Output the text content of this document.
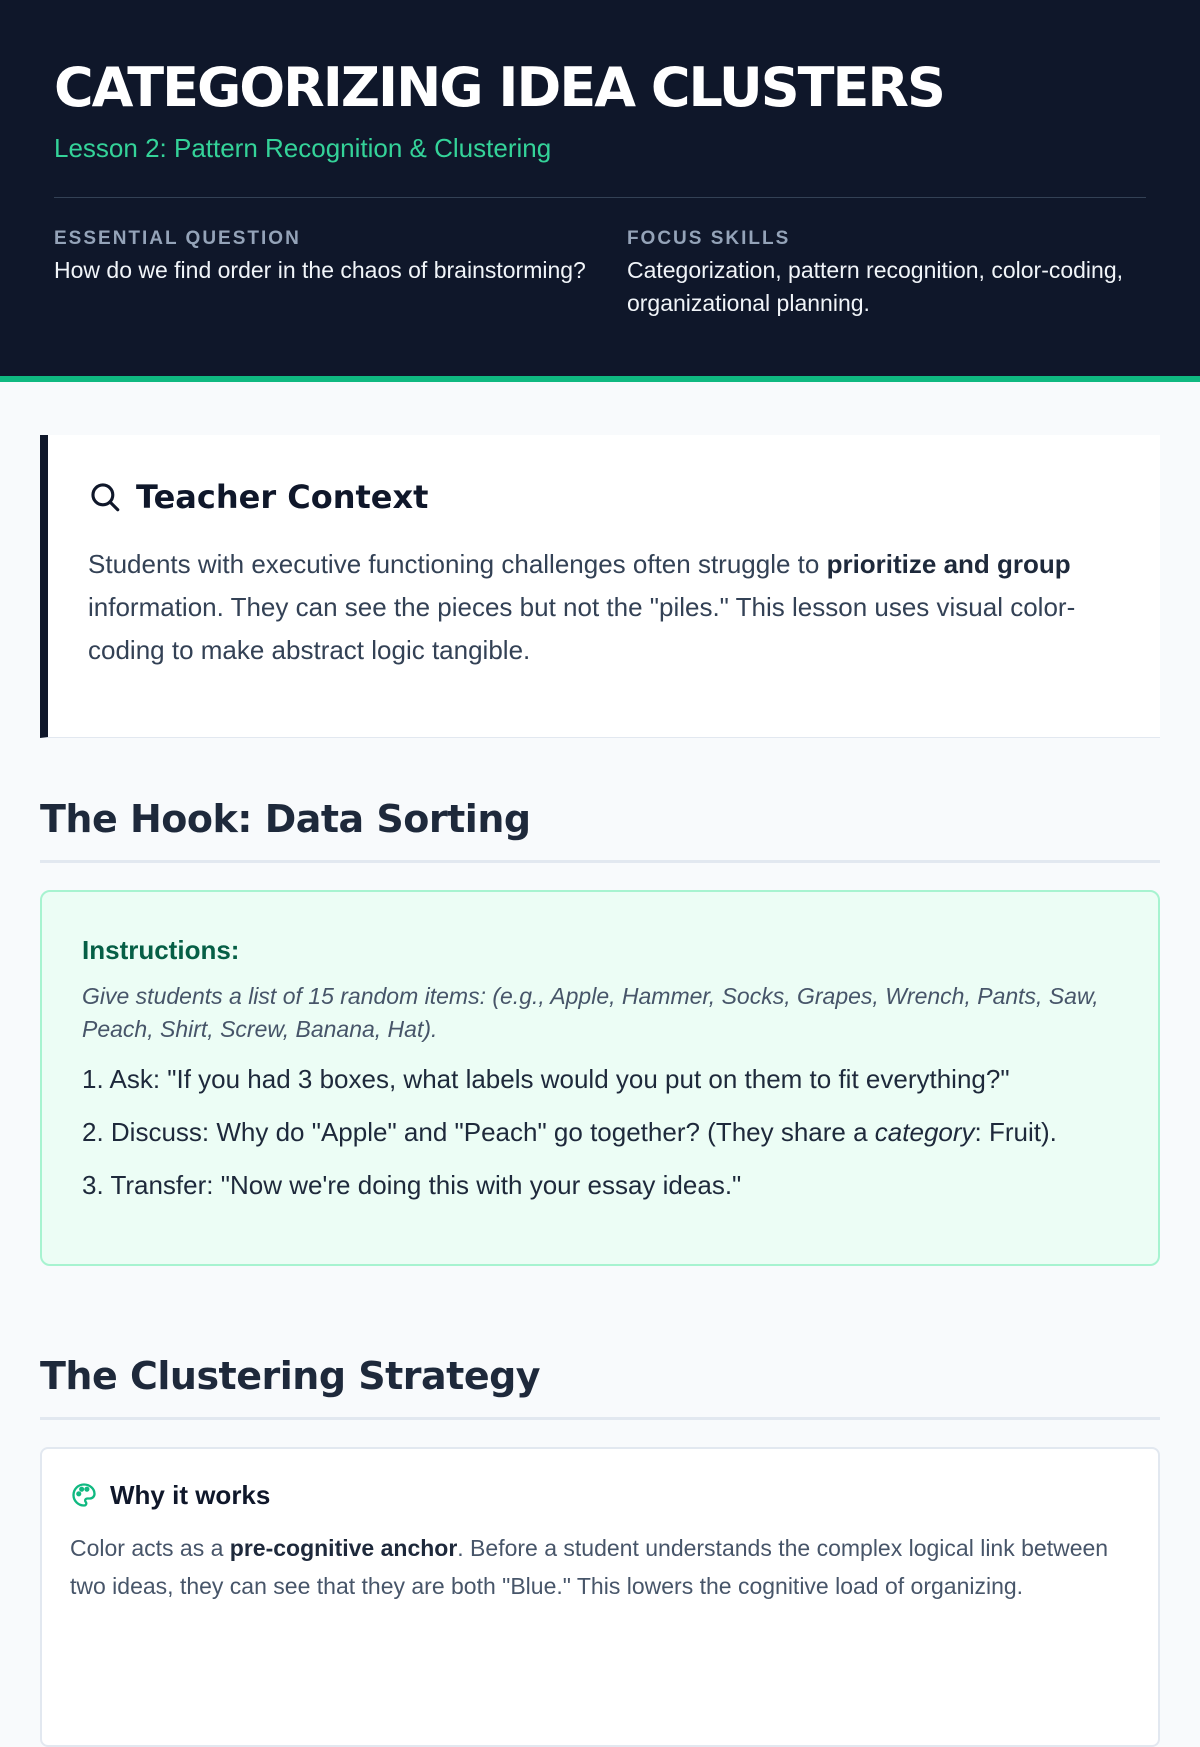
CATEGORIZING IDEA CLUSTERS
Lesson 2: Pattern Recognition & Clustering
ESSENTIAL QUESTION
How do we find order in the chaos of brainstorming?
FOCUS SKILLS
Categorization, pattern recognition, color-coding, organizational planning.
Teacher Context

Students with executive functioning challenges often struggle to prioritize and group information. They can see the pieces but not the "piles." This lesson uses visual color-coding to make abstract logic tangible.

The Hook: Data Sorting
Instructions:

Give students a list of 15 random items: (e.g., Apple, Hammer, Socks, Grapes, Wrench, Pants, Saw, Peach, Shirt, Screw, Banana, Hat).

1. Ask: "If you had 3 boxes, what labels would you put on them to fit everything?"
2. Discuss: Why do "Apple" and "Peach" go together? (They share a category: Fruit).
3. Transfer: "Now we're doing this with your essay ideas."
The Clustering Strategy
Why it works

Color acts as a pre-cognitive anchor. Before a student understands the complex logical link between two ideas, they can see that they are both "Blue." This lowers the cognitive load of organizing.
